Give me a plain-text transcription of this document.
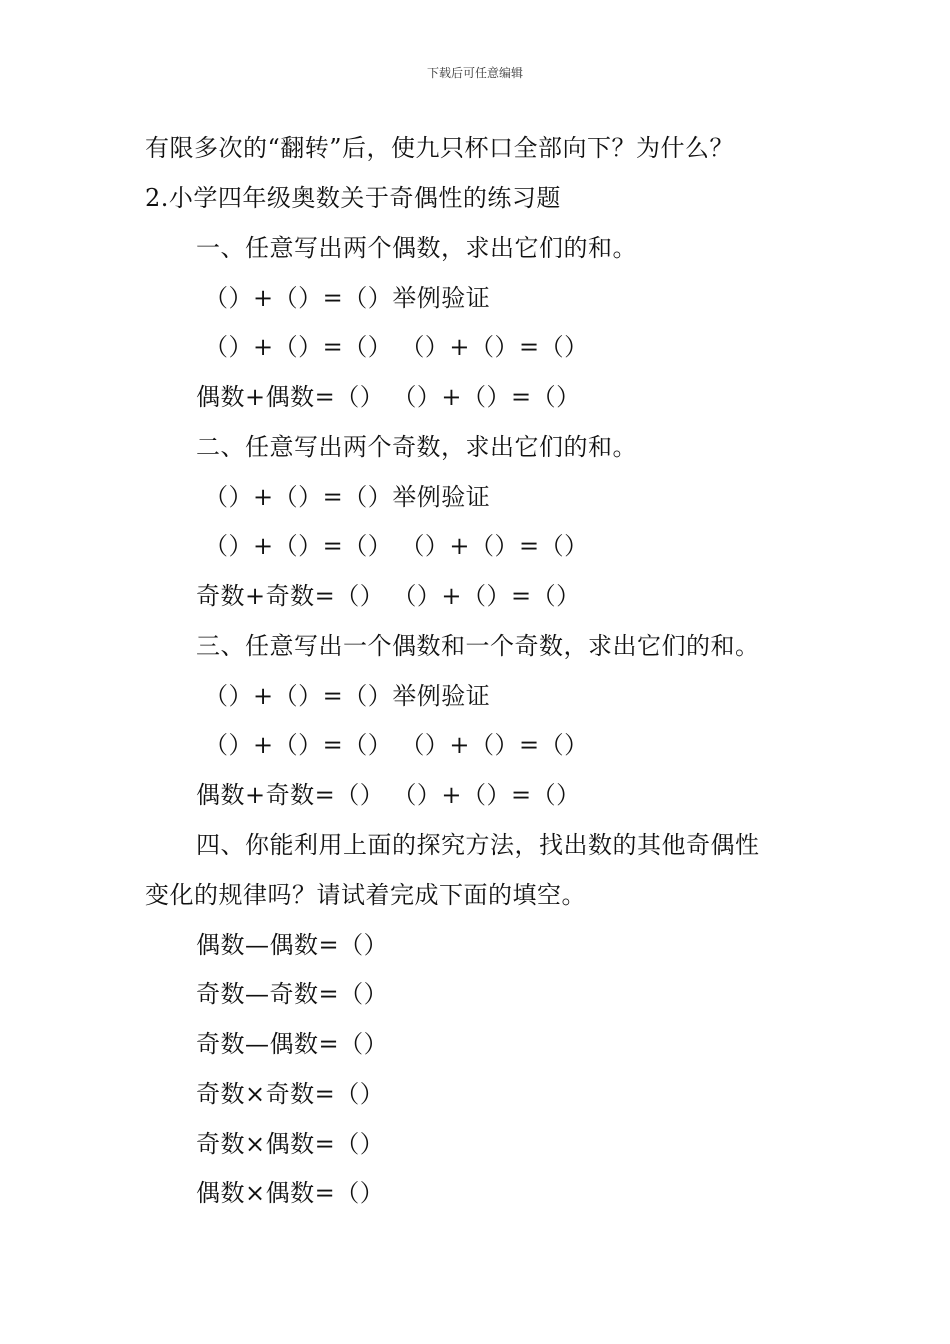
下载后可任意编辑
有限多次的“翻转”后，使九只杯口全部向下？为什么？
2.小学四年级奥数关于奇偶性的练习题
一、任意写出两个偶数，求出它们的和。
（）+（）=（）举例验证
（）+（）=（） （）+（）=（）
偶数+偶数=（） （）+（）=（）
二、任意写出两个奇数，求出它们的和。
（）+（）=（）举例验证
（）+（）=（） （）+（）=（）
奇数+奇数=（） （）+（）=（）
三、任意写出一个偶数和一个奇数，求出它们的和。
（）+（）=（）举例验证
（）+（）=（） （）+（）=（）
偶数+奇数=（） （）+（）=（）
四、你能利用上面的探究方法，找出数的其他奇偶性
变化的规律吗？请试着完成下面的填空。
偶数—偶数=（）
奇数—奇数=（）
奇数—偶数=（）
奇数×奇数=（）
奇数×偶数=（）
偶数×偶数=（）
